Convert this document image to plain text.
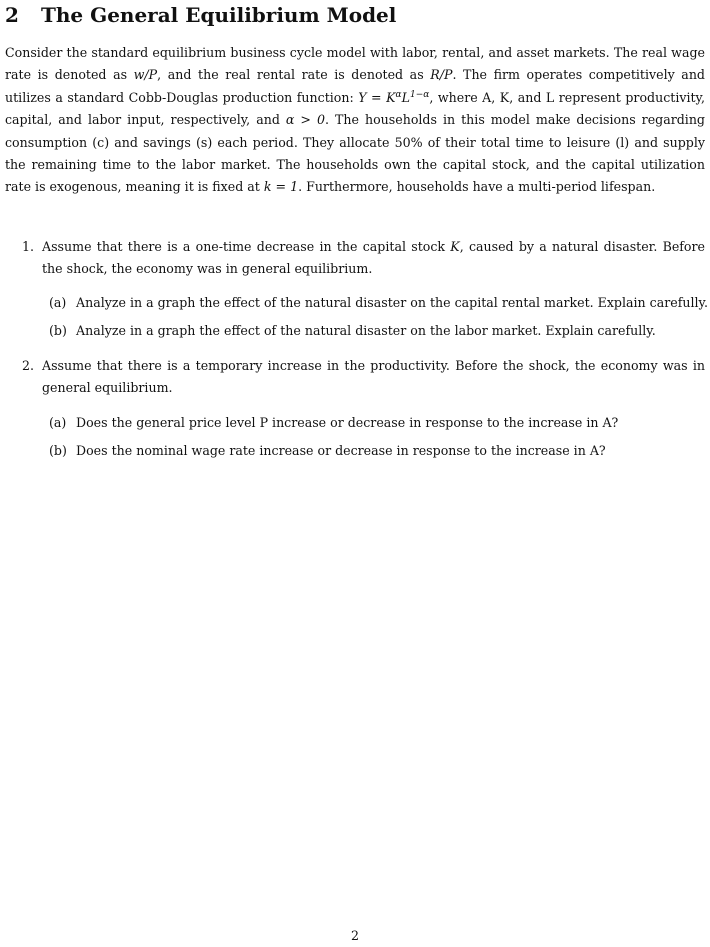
2 The General Equilibrium Model

Consider the standard equilibrium business cycle model with labor, rental, and asset markets. The real wage rate is denoted as w/P, and the real rental rate is denoted as R/P. The firm operates competitively and utilizes a standard Cobb-Douglas production function: $Y = K^\alpha L^{1-\alpha}$, where A, K, and L represent productivity, capital, and labor input, respectively, and α > 0. The households in this model make decisions regarding consumption (c) and savings (s) each period. They allocate 50% of their total time to leisure (l) and supply the remaining time to the labor market. The households own the capital stock, and the capital utilization rate is exogenous, meaning it is fixed at k = 1. Furthermore, households have a multi-period lifespan.

1. Assume that there is a one-time decrease in the capital stock K, caused by a natural disaster. Before the shock, the economy was in general equilibrium.
(a) Analyze in a graph the effect of the natural disaster on the capital rental market. Explain carefully.
(b) Analyze in a graph the effect of the natural disaster on the labor market. Explain carefully.
2. Assume that there is a temporary increase in the productivity. Before the shock, the economy was in general equilibrium.
(a) Does the general price level P increase or decrease in response to the increase in A?
(b) Does the nominal wage rate increase or decrease in response to the increase in A?
2
